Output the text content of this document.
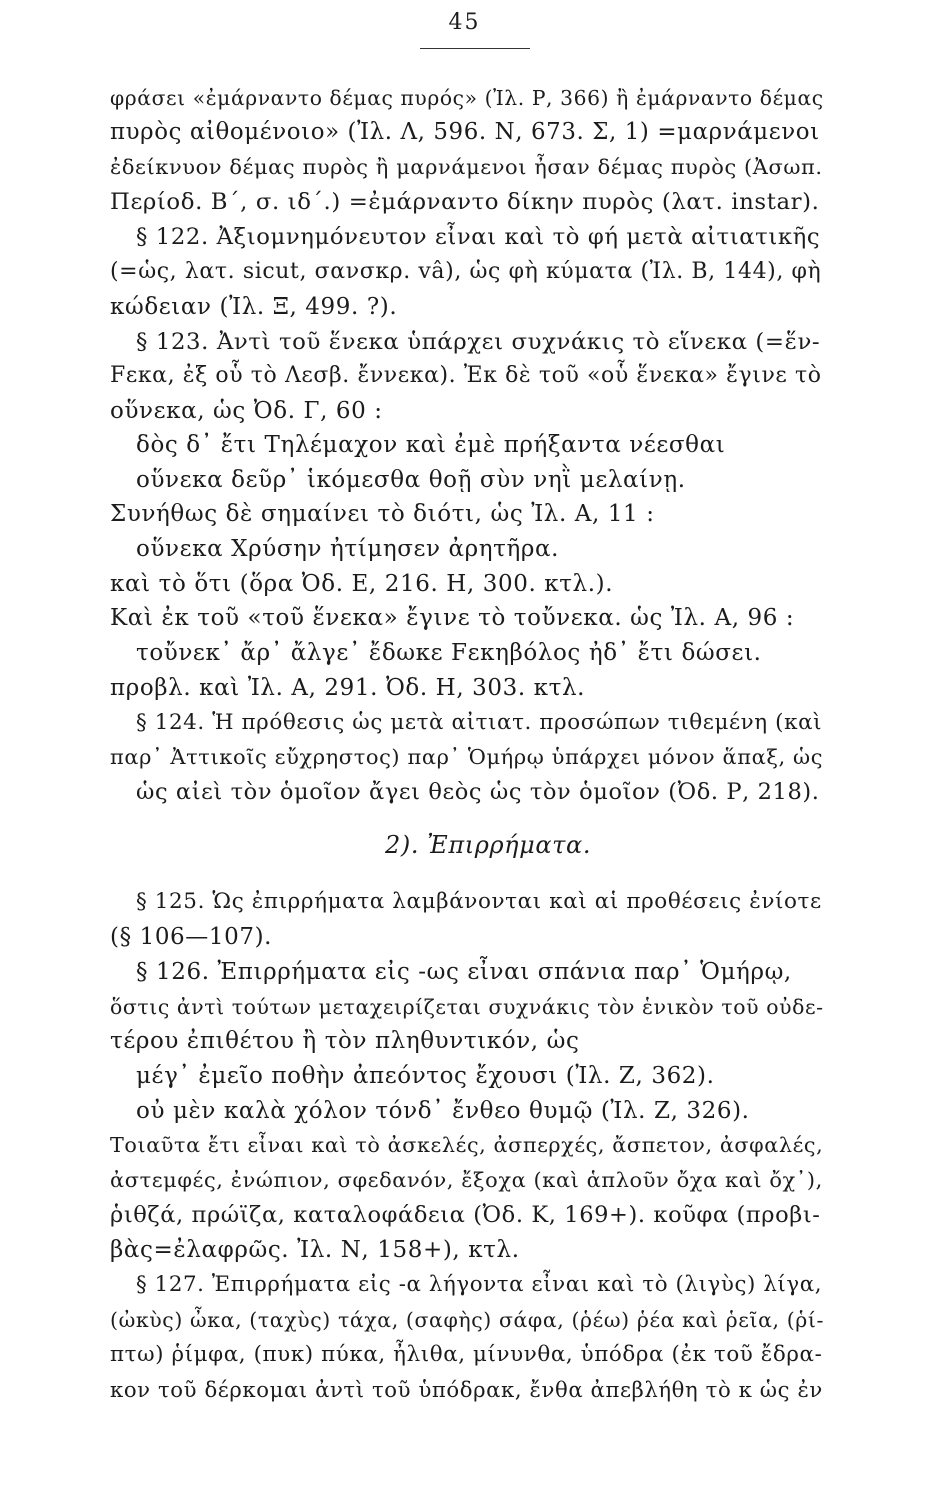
45
φράσει «ἐμάρναντο δέμας πυρός» (Ἰλ. Ρ, 366) ἢ ἐμάρναντο δέμας
πυρὸς αἰθομένοιο» (Ἰλ. Λ, 596. Ν, 673. Σ, 1) =μαρνάμενοι
ἐδείκνυον δέμας πυρὸς ἢ μαρνάμενοι ἦσαν δέμας πυρὸς (Ἀσωπ.
Περίοδ. Β΄, σ. ιδ΄.) =ἐμάρναντο δίκην πυρὸς (λατ. instar).
§ 122. Ἀξιομνημόνευτον εἶναι καὶ τὸ φή μετὰ αἰτιατικῆς
(=ὡς, λατ. sicut, σανσκρ. vâ), ὡς φὴ κύματα (Ἰλ. Β, 144), φὴ
κώδειαν (Ἰλ. Ξ, 499. ?).
§ 123. Ἀντὶ τοῦ ἕνεκα ὑπάρχει συχνάκις τὸ εἵνεκα (=ἕν-
Fεκα, ἐξ οὗ τὸ Λεσβ. ἔννεκα). Ἐκ δὲ τοῦ «οὗ ἕνεκα» ἔγινε τὸ
οὕνεκα, ὡς Ὀδ. Γ, 60 :
δὸς δ᾽ ἔτι Τηλέμαχον καὶ ἐμὲ πρήξαντα νέεσθαι
οὕνεκα δεῦρ᾽ ἱκόμεσθα θοῇ σὺν νηῒ μελαίνῃ.
Συνήθως δὲ σημαίνει τὸ διότι, ὡς Ἰλ. Α, 11 :
οὕνεκα Χρύσην ἠτίμησεν ἀρητῆρα.
καὶ τὸ ὅτι (ὅρα Ὀδ. Ε, 216. Η, 300. κτλ.).
Καὶ ἐκ τοῦ «τοῦ ἕνεκα» ἔγινε τὸ τοὔνεκα. ὡς Ἰλ. Α, 96 :
τοὔνεκ᾽ ἄρ᾽ ἄλγε᾽ ἔδωκε Fεκηβόλος ἠδ᾽ ἔτι δώσει.
προβλ. καὶ Ἰλ. Α, 291. Ὀδ. Η, 303. κτλ.
§ 124. Ἡ πρόθεσις ὡς μετὰ αἰτιατ. προσώπων τιθεμένη (καὶ
παρ᾽ Ἀττικοῖς εὔχρηστος) παρ᾽ Ὁμήρῳ ὑπάρχει μόνον ἅπαξ, ὡς
ὡς αἰεὶ τὸν ὁμοῖον ἄγει θεὸς ὡς τὸν ὁμοῖον (Ὀδ. Ρ, 218).
2). Ἐπιρρήματα.
§ 125. Ὡς ἐπιρρήματα λαμβάνονται καὶ αἱ προθέσεις ἐνίοτε
(§ 106—107).
§ 126. Ἐπιρρήματα εἰς -ως εἶναι σπάνια παρ᾽ Ὁμήρῳ,
ὅστις ἀντὶ τούτων μεταχειρίζεται συχνάκις τὸν ἑνικὸν τοῦ οὐδε-
τέρου ἐπιθέτου ἢ τὸν πληθυντικόν, ὡς
μέγ᾽ ἐμεῖο ποθὴν ἀπεόντος ἔχουσι (Ἰλ. Ζ, 362).
οὐ μὲν καλὰ χόλον τόνδ᾽ ἔνθεο θυμῷ (Ἰλ. Ζ, 326).
Τοιαῦτα ἔτι εἶναι καὶ τὸ ἀσκελές, ἀσπερχές, ἄσπετον, ἀσφαλές,
ἀστεμφές, ἐνώπιον, σφεδανόν, ἔξοχα (καὶ ἁπλοῦν ὄχα καὶ ὄχ᾽),
ῥιθζά, πρώϊζα, καταλοφάδεια (Ὀδ. Κ, 169+). κοῦφα (προβι-
βὰς=ἐλαφρῶς. Ἰλ. Ν, 158+), κτλ.
§ 127. Ἐπιρρήματα εἰς -α λήγοντα εἶναι καὶ τὸ (λιγὺς) λίγα,
(ὠκὺς) ὦκα, (ταχὺς) τάχα, (σαφὴς) σάφα, (ῥέω) ῥέα καὶ ῥεῖα, (ῥί-
πτω) ῥίμφα, (πυκ) πύκα, ἦλιθα, μίνυνθα, ὑπόδρα (ἐκ τοῦ ἔδρα-
κον τοῦ δέρκομαι ἀντὶ τοῦ ὑπόδρακ, ἔνθα ἀπεβλήθη τὸ κ ὡς ἐν
